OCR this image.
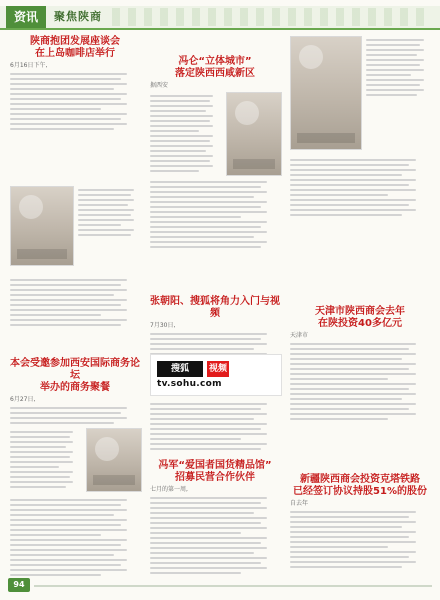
资讯	聚焦陕商
陕商抱团发展座谈会
在上岛咖啡店举行
6月16日下午,
本会受邀参加西安国际商务论坛
举办的商务聚餐
6月27日,
冯仑“立体城市”
落定陕西西咸新区
据西安
张朝阳、搜狐将角力入门与视频
7月30日,
搜狐	视频
tv.sohu.com
冯军“爱国者国货精品馆”
招募民营合作伙伴
七月的第一周,
天津市陕西商会去年
在陕投资40多亿元
天津市
新疆陕西商会投资克塔铁路
已经签订协议持股51%的股份
自去年
94
